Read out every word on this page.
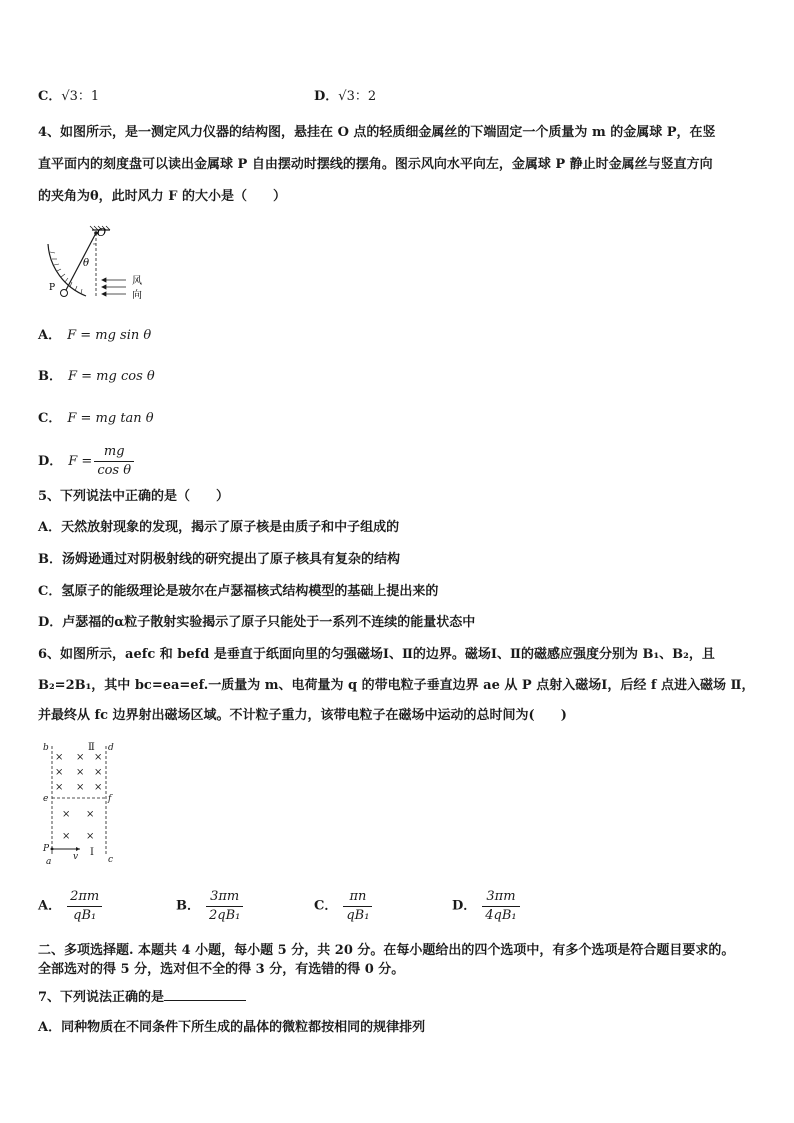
C．√3：1	D．√3：2
4、如图所示，是一测定风力仪器的结构图，悬挂在 O 点的轻质细金属丝的下端固定一个质量为 m 的金属球 P，在竖
直平面内的刻度盘可以读出金属球 P 自由摆动时摆线的摆角。图示风向水平向左，金属球 P 静止时金属丝与竖直方向
的夹角为θ，此时风力 F 的大小是（　　）
O
θ
P
风
向
A． F = mg sin θ
B． F = mg cos θ
C． F = mg tan θ
D． $F = \frac{mg}{\text{cos θ}}$
5、下列说法中正确的是（　　）
A．天然放射现象的发现，揭示了原子核是由质子和中子组成的
B．汤姆逊通过对阴极射线的研究提出了原子核具有复杂的结构
C．氢原子的能级理论是玻尔在卢瑟福核式结构模型的基础上提出来的
D．卢瑟福的α粒子散射实验揭示了原子只能处于一系列不连续的能量状态中
6、如图所示，aefc 和 befd 是垂直于纸面向里的匀强磁场Ⅰ、Ⅱ的边界。磁场Ⅰ、Ⅱ的磁感应强度分别为 B₁、B₂，且
B₂=2B₁，其中 bc=ea=ef.一质量为 m、电荷量为 q 的带电粒子垂直边界 ae 从 P 点射入磁场Ⅰ，后经 f 点进入磁场 Ⅱ，
并最终从 fc 边界射出磁场区域。不计粒子重力，该带电粒子在磁场中运动的总时间为(　　)
× × ×
× × ×
× × ×
× ×
× ×
b	d
e	f
P
a	c
v
Ⅱ
Ⅰ
A． $\frac{2\pi m}{\text{qB₁}}$	B． $\frac{3\pi m}{\text{2qB₁}}$	C． $\frac{\pi n}{\text{qB₁}}$	D． $\frac{3\pi m}{\text{4qB₁}}$
二、多项选择题. 本题共 4 小题，每小题 5 分，共 20 分。在每小题给出的四个选项中，有多个选项是符合题目要求的。
全部选对的得 5 分，选对但不全的得 3 分，有选错的得 0 分。
7、下列说法正确的是
A．同种物质在不同条件下所生成的晶体的微粒都按相同的规律排列
